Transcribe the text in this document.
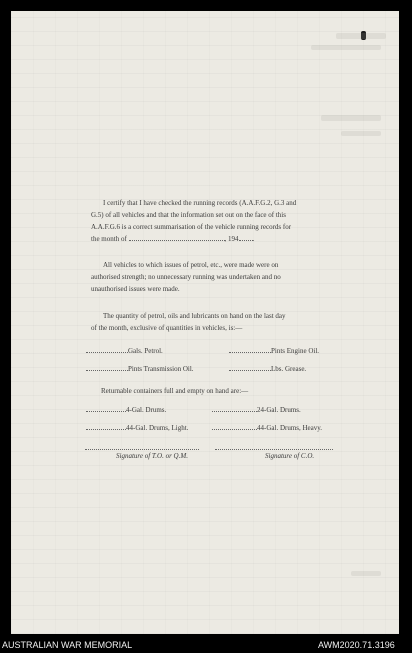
I certify that I have checked the running records (A.A.F.G.2, G.3 and
G.5) of all vehicles and that the information set out on the face of this
A.A.F.G.6 is a correct summarisation of the vehicle running records for
the month of	, 194 .
All vehicles to which issues of petrol, etc., were made were on
authorised strength; no unnecessary running was undertaken and no
unauthorised issues were made.
The quantity of petrol, oils and lubricants on hand on the last day
of the month, exclusive of quantities in vehicles, is:—
Gals. Petrol.	Pints Engine Oil.
Pints Transmission Oil.	Lbs. Grease.
Returnable containers full and empty on hand are:—
4-Gal. Drums.	24-Gal. Drums.
44-Gal. Drums, Light.	44-Gal. Drums, Heavy.
Signature of T.O. or Q.M.	Signature of C.O.
AUSTRALIAN WAR MEMORIAL	AWM2020.71.3196
